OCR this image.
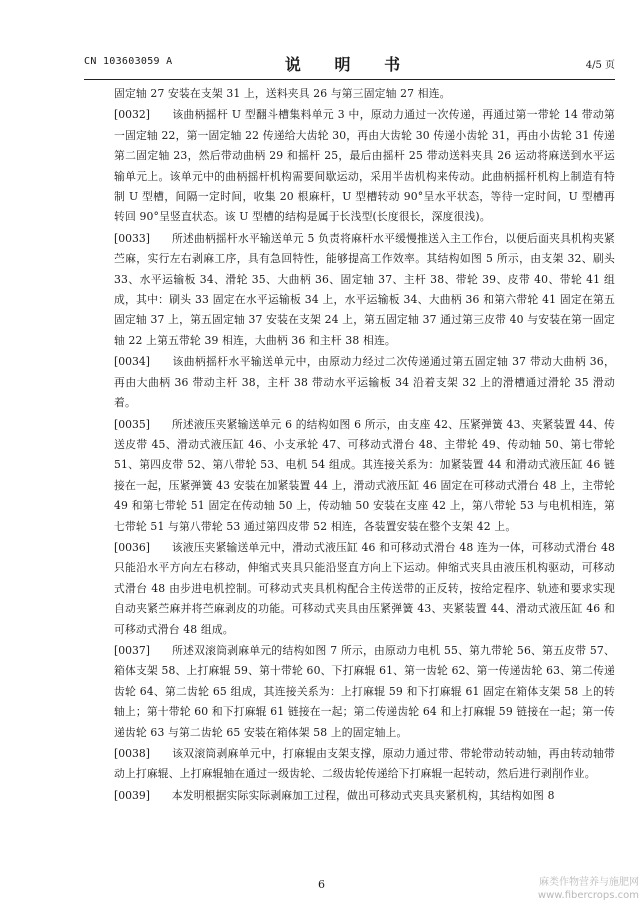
CN 103603059 A	说 明 书	4/5 页

固定轴 27 安装在支架 31 上，送料夹具 26 与第三固定轴 27 相连。

[0032]　　 该曲柄摇杆 U 型翻斗槽集料单元 3 中，原动力通过一次传递，再通过第一带轮 14 带动第一固定轴 22，第一固定轴 22 传递给大齿轮 30，再由大齿轮 30 传递小齿轮 31，再由小齿轮 31 传递第二固定轴 23，然后带动曲柄 29 和摇杆 25，最后由摇杆 25 带动送料夹具 26 运动将麻送到水平运输单元上。该单元中的曲柄摇杆机构需要间歇运动，采用半齿机构来传动。此曲柄摇杆机构上制造有特制 U 型槽，间隔一定时间，收集 20 根麻杆，U 型槽转动 90°呈水平状态，等待一定时间，U 型槽再转回 90°呈竖直状态。该 U 型槽的结构是属于长浅型(长度很长，深度很浅)。

[0033]　　 所述曲柄摇杆水平输送单元 5 负责将麻杆水平缓慢推送入主工作台，以便后面夹具机构夹紧苎麻，实行左右剥麻工序，具有急回特性，能够提高工作效率。其结构如图 5 所示，由支架 32、刷头 33、水平运输板 34、滑轮 35、大曲柄 36、固定轴 37、主杆 38、带轮 39、皮带 40、带轮 41 组成，其中：刷头 33 固定在水平运输板 34 上，水平运输板 34、大曲柄 36 和第六带轮 41 固定在第五固定轴 37 上，第五固定轴 37 安装在支架 24 上，第五固定轴 37 通过第三皮带 40 与安装在第一固定轴 22 上第五带轮 39 相连，大曲柄 36 和主杆 38 相连。

[0034]　　 该曲柄摇杆水平输送单元中，由原动力经过二次传递通过第五固定轴 37 带动大曲柄 36，再由大曲柄 36 带动主杆 38，主杆 38 带动水平运输板 34 沿着支架 32 上的滑槽通过滑轮 35 滑动着。

[0035]　　 所述液压夹紧输送单元 6 的结构如图 6 所示，由支座 42、压紧弹簧 43、夹紧装置 44、传送皮带 45、滑动式液压缸 46、小支承轮 47、可移动式滑台 48、主带轮 49、传动轴 50、第七带轮 51、第四皮带 52、第八带轮 53、电机 54 组成。其连接关系为：加紧装置 44 和滑动式液压缸 46 链接在一起，压紧弹簧 43 安装在加紧装置 44 上，滑动式液压缸 46 固定在可移动式滑台 48 上，主带轮 49 和第七带轮 51 固定在传动轴 50 上，传动轴 50 安装在支座 42 上，第八带轮 53 与电机相连，第七带轮 51 与第八带轮 53 通过第四皮带 52 相连，各装置安装在整个支架 42 上。

[0036]　　 该液压夹紧输送单元中，滑动式液压缸 46 和可移动式滑台 48 连为一体，可移动式滑台 48 只能沿水平方向左右移动，伸缩式夹具只能沿竖直方向上下运动。伸缩式夹具由液压机构驱动，可移动式滑台 48 由步进电机控制。可移动式夹具机构配合主传送带的正反转，按给定程序、轨迹和要求实现自动夹紧苎麻并将苎麻剥皮的功能。可移动式夹具由压紧弹簧 43、夹紧装置 44、滑动式液压缸 46 和可移动式滑台 48 组成。

[0037]　　 所述双滚筒剥麻单元的结构如图 7 所示，由原动力电机 55、第九带轮 56、第五皮带 57、箱体支架 58、上打麻辊 59、第十带轮 60、下打麻辊 61、第一齿轮 62、第一传递齿轮 63、第二传递齿轮 64、第二齿轮 65 组成，其连接关系为：上打麻辊 59 和下打麻辊 61 固定在箱体支架 58 上的转轴上；第十带轮 60 和下打麻辊 61 链接在一起；第二传递齿轮 64 和上打麻辊 59 链接在一起；第一传递齿轮 63 与第二齿轮 65 安装在箱体架 58 上的固定轴上。

[0038]　　 该双滚筒剥麻单元中，打麻辊由支架支撑，原动力通过带、带轮带动转动轴，再由转动轴带动上打麻辊、上打麻辊轴在通过一级齿轮、二级齿轮传递给下打麻辊一起转动，然后进行剥削作业。

[0039]　　 本发明根据实际实际剥麻加工过程，做出可移动式夹具夹紧机构，其结构如图 8

6	麻类作物营养与施肥网
www.fibercrops.com
